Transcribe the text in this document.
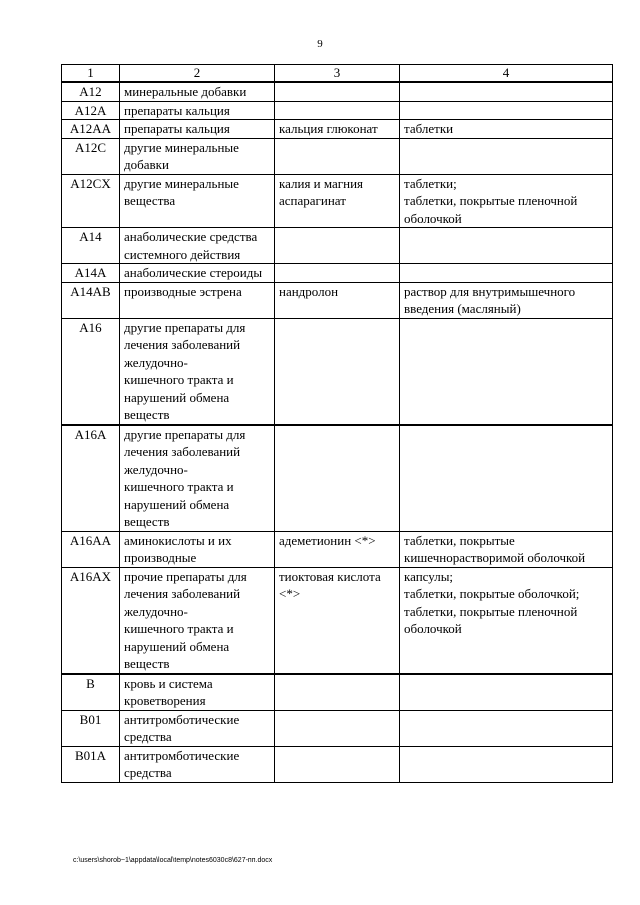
9
1	2	3	4
A12	минеральные добавки		
A12A	препараты кальция		
A12AA	препараты кальция	кальция глюконат	таблетки
A12C	другие минеральные добавки		
A12CX	другие минеральные вещества	калия и магния аспарагинат	таблетки;
таблетки, покрытые пленочной оболочкой
A14	анаболические средства системного действия		
A14A	анаболические стероиды		
A14AB	производные эстрена	нандролон	раствор для внутримышечного введения (масляный)
A16	другие препараты для лечения заболеваний желудочно-
кишечного тракта и нарушений обмена веществ		
A16A	другие препараты для лечения заболеваний желудочно-
кишечного тракта и нарушений обмена веществ		
A16AA	аминокислоты и их производные	адеметионин <*>	таблетки, покрытые кишечнорастворимой оболочкой
A16AX	прочие препараты для лечения заболеваний желудочно-
кишечного тракта и нарушений обмена веществ	тиоктовая кислота <*>	капсулы;
таблетки, покрытые оболочкой;
таблетки, покрытые пленочной оболочкой
B	кровь и система кроветворения		
B01	антитромботические средства		
B01A	антитромботические средства		
c:\users\shorob~1\appdata\local\temp\notes6030c8\627-пп.docx
